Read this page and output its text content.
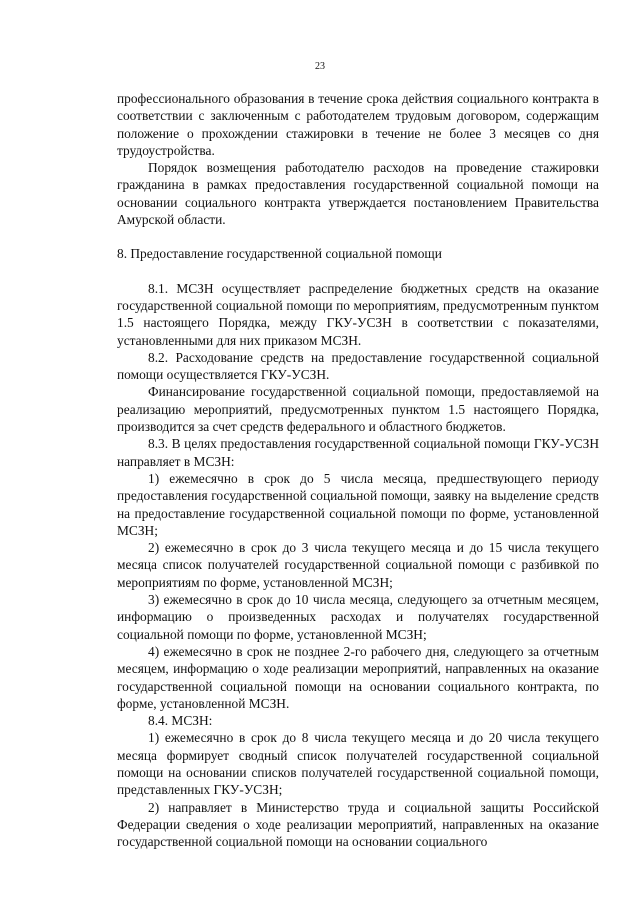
23

профессионального образования в течение срока действия социального контракта в соответствии с заключенным с работодателем трудовым договором, содержащим положение о прохождении стажировки в течение не более 3 месяцев со дня трудоустройства.

Порядок возмещения работодателю расходов на проведение стажировки гражданина в рамках предоставления государственной социальной помощи на основании социального контракта утверждается постановлением Правительства Амурской области.

8. Предоставление государственной социальной помощи

8.1. МСЗН осуществляет распределение бюджетных средств на оказание государственной социальной помощи по мероприятиям, предусмотренным пунктом 1.5 настоящего Порядка, между ГКУ-УСЗН в соответствии с показателями, установленными для них приказом МСЗН.

8.2. Расходование средств на предоставление государственной социальной помощи осуществляется ГКУ-УСЗН.

Финансирование государственной социальной помощи, предоставляемой на реализацию мероприятий, предусмотренных пунктом 1.5 настоящего Порядка, производится за счет средств федерального и областного бюджетов.

8.3. В целях предоставления государственной социальной помощи ГКУ-УСЗН направляет в МСЗН:

1) ежемесячно в срок до 5 числа месяца, предшествующего периоду предоставления государственной социальной помощи, заявку на выделение средств на предоставление государственной социальной помощи по форме, установленной МСЗН;

2) ежемесячно в срок до 3 числа текущего месяца и до 15 числа текущего месяца список получателей государственной социальной помощи с разбивкой по мероприятиям по форме, установленной МСЗН;

3) ежемесячно в срок до 10 числа месяца, следующего за отчетным месяцем, информацию о произведенных расходах и получателях государственной социальной помощи по форме, установленной МСЗН;

4) ежемесячно в срок не позднее 2-го рабочего дня, следующего за отчетным месяцем, информацию о ходе реализации мероприятий, направленных на оказание государственной социальной помощи на основании социального контракта, по форме, установленной МСЗН.

8.4. МСЗН:

1) ежемесячно в срок до 8 числа текущего месяца и до 20 числа текущего месяца формирует сводный список получателей государственной социальной помощи на основании списков получателей государственной социальной помощи, представленных ГКУ-УСЗН;

2) направляет в Министерство труда и социальной защиты Российской Федерации сведения о ходе реализации мероприятий, направленных на оказание государственной социальной помощи на основании социального
